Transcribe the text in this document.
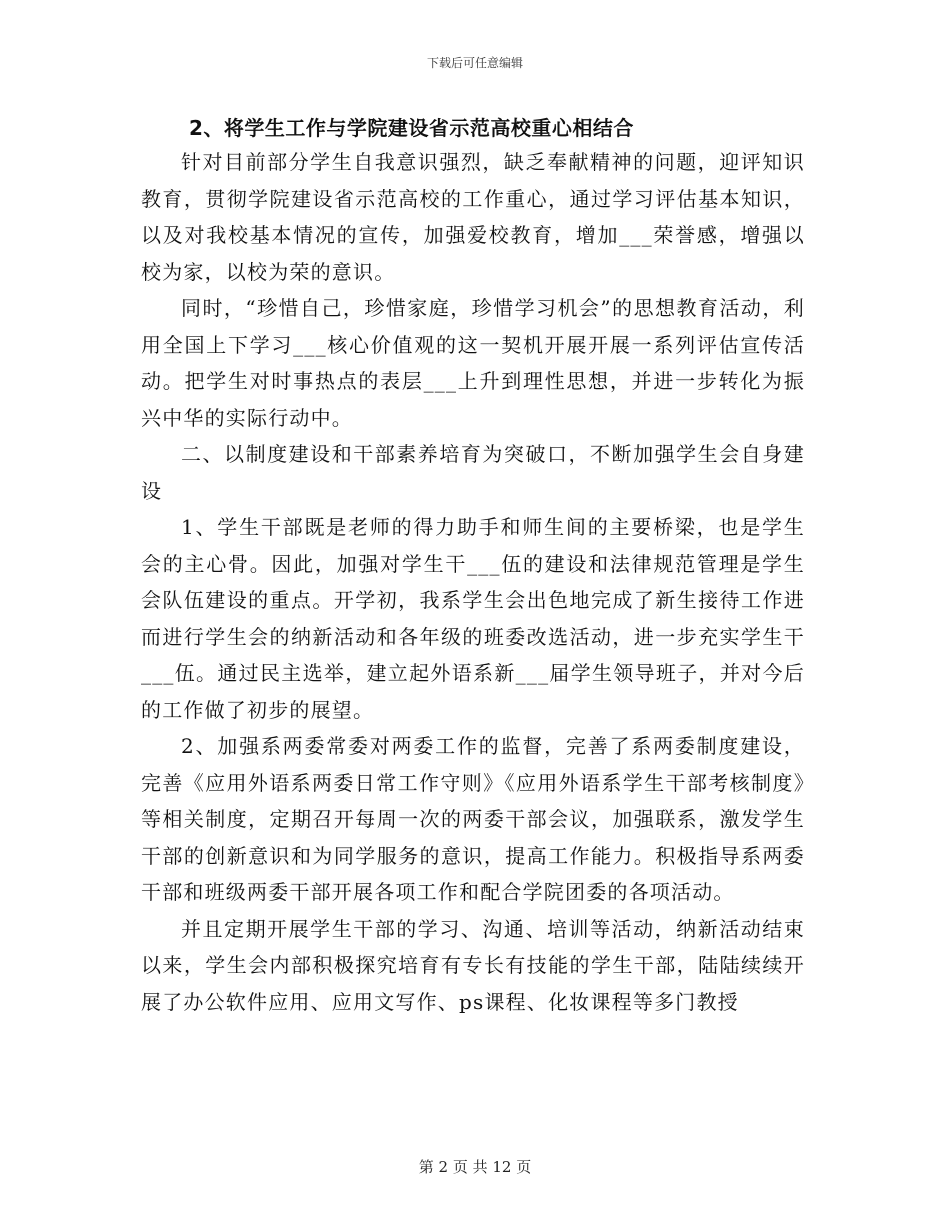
下载后可任意编辑

2、将学生工作与学院建设省示范高校重心相结合

针对目前部分学生自我意识强烈，缺乏奉献精神的问题，迎评知识教育，贯彻学院建设省示范高校的工作重心，通过学习评估基本知识，以及对我校基本情况的宣传，加强爱校教育，增加___荣誉感，增强以校为家，以校为荣的意识。

同时，“珍惜自己，珍惜家庭，珍惜学习机会”的思想教育活动，利用全国上下学习___核心价值观的这一契机开展开展一系列评估宣传活动。把学生对时事热点的表层___上升到理性思想，并进一步转化为振兴中华的实际行动中。

二、以制度建设和干部素养培育为突破口，不断加强学生会自身建设

1、学生干部既是老师的得力助手和师生间的主要桥梁，也是学生会的主心骨。因此，加强对学生干___伍的建设和法律规范管理是学生会队伍建设的重点。开学初，我系学生会出色地完成了新生接待工作进而进行学生会的纳新活动和各年级的班委改选活动，进一步充实学生干___伍。通过民主选举，建立起外语系新___届学生领导班子，并对今后的工作做了初步的展望。

2、加强系两委常委对两委工作的监督，完善了系两委制度建设，完善《应用外语系两委日常工作守则》《应用外语系学生干部考核制度》等相关制度，定期召开每周一次的两委干部会议，加强联系，激发学生干部的创新意识和为同学服务的意识，提高工作能力。积极指导系两委干部和班级两委干部开展各项工作和配合学院团委的各项活动。

并且定期开展学生干部的学习、沟通、培训等活动，纳新活动结束以来，学生会内部积极探究培育有专长有技能的学生干部，陆陆续续开展了办公软件应用、应用文写作、ps课程、化妆课程等多门教授

第 2 页 共 12 页
